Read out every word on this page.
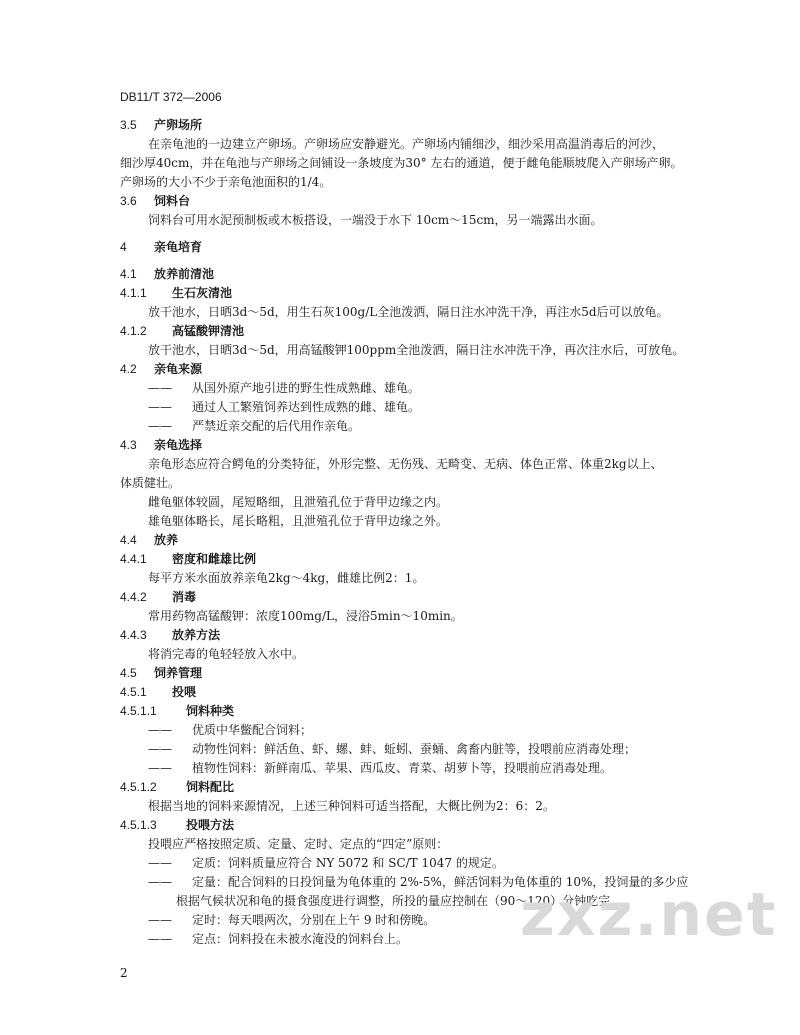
DB11/T 372—2006
3.5 产卵场所
在亲龟池的一边建立产卵场。产卵场应安静避光。产卵场内铺细沙，细沙采用高温消毒后的河沙，
细沙厚40cm，并在龟池与产卵场之间铺设一条坡度为30° 左右的通道，便于雌龟能顺坡爬入产卵场产卵。
产卵场的大小不少于亲龟池面积的1/4。
3.6 饲料台
饲料台可用水泥预制板或木板搭设，一端没于水下 10cm～15cm，另一端露出水面。
4 亲龟培育
4.1 放养前清池
4.1.1 生石灰清池
放干池水，日晒3d～5d，用生石灰100g/L全池泼洒，隔日注水冲洗干净，再注水5d后可以放龟。
4.1.2 高锰酸钾清池
放干池水，日晒3d～5d，用高锰酸钾100ppm全池泼洒，隔日注水冲洗干净，再次注水后，可放龟。
4.2 亲龟来源
—— 从国外原产地引进的野生性成熟雌、雄龟。
—— 通过人工繁殖饲养达到性成熟的雌、雄龟。
—— 严禁近亲交配的后代用作亲龟。
4.3 亲龟选择
亲龟形态应符合鳄龟的分类特征，外形完整、无伤残、无畸变、无病、体色正常、体重2kg以上、
体质健壮。
雌龟躯体较圆，尾短略细，且泄殖孔位于背甲边缘之内。
雄龟躯体略长，尾长略粗，且泄殖孔位于背甲边缘之外。
4.4 放养
4.4.1 密度和雌雄比例
每平方米水面放养亲龟2kg～4kg，雌雄比例2：1。
4.4.2 消毒
常用药物高锰酸钾：浓度100mg/L，浸浴5min～10min。
4.4.3 放养方法
将消完毒的龟轻轻放入水中。
4.5 饲养管理
4.5.1 投喂
4.5.1.1 饲料种类
—— 优质中华鳖配合饲料；
—— 动物性饲料：鲜活鱼、虾、螺、蚌、蚯蚓、蚕蛹、禽畜内脏等，投喂前应消毒处理；
—— 植物性饲料：新鲜南瓜、苹果、西瓜皮、青菜、胡萝卜等，投喂前应消毒处理。
4.5.1.2 饲料配比
根据当地的饲料来源情况，上述三种饲料可适当搭配，大概比例为2：6：2。
4.5.1.3 投喂方法
投喂应严格按照定质、定量、定时、定点的“四定”原则：
—— 定质：饲料质量应符合 NY 5072 和 SC/T 1047 的规定。
—— 定量：配合饲料的日投饲量为龟体重的 2%-5%，鲜活饲料为龟体重的 10%，投饲量的多少应
根据气候状况和龟的摄食强度进行调整，所投的量应控制在（90～120）分钟吃完。
—— 定时：每天喂两次，分别在上午 9 时和傍晚。
—— 定点：饲料投在未被水淹没的饲料台上。
2
zxz.net
